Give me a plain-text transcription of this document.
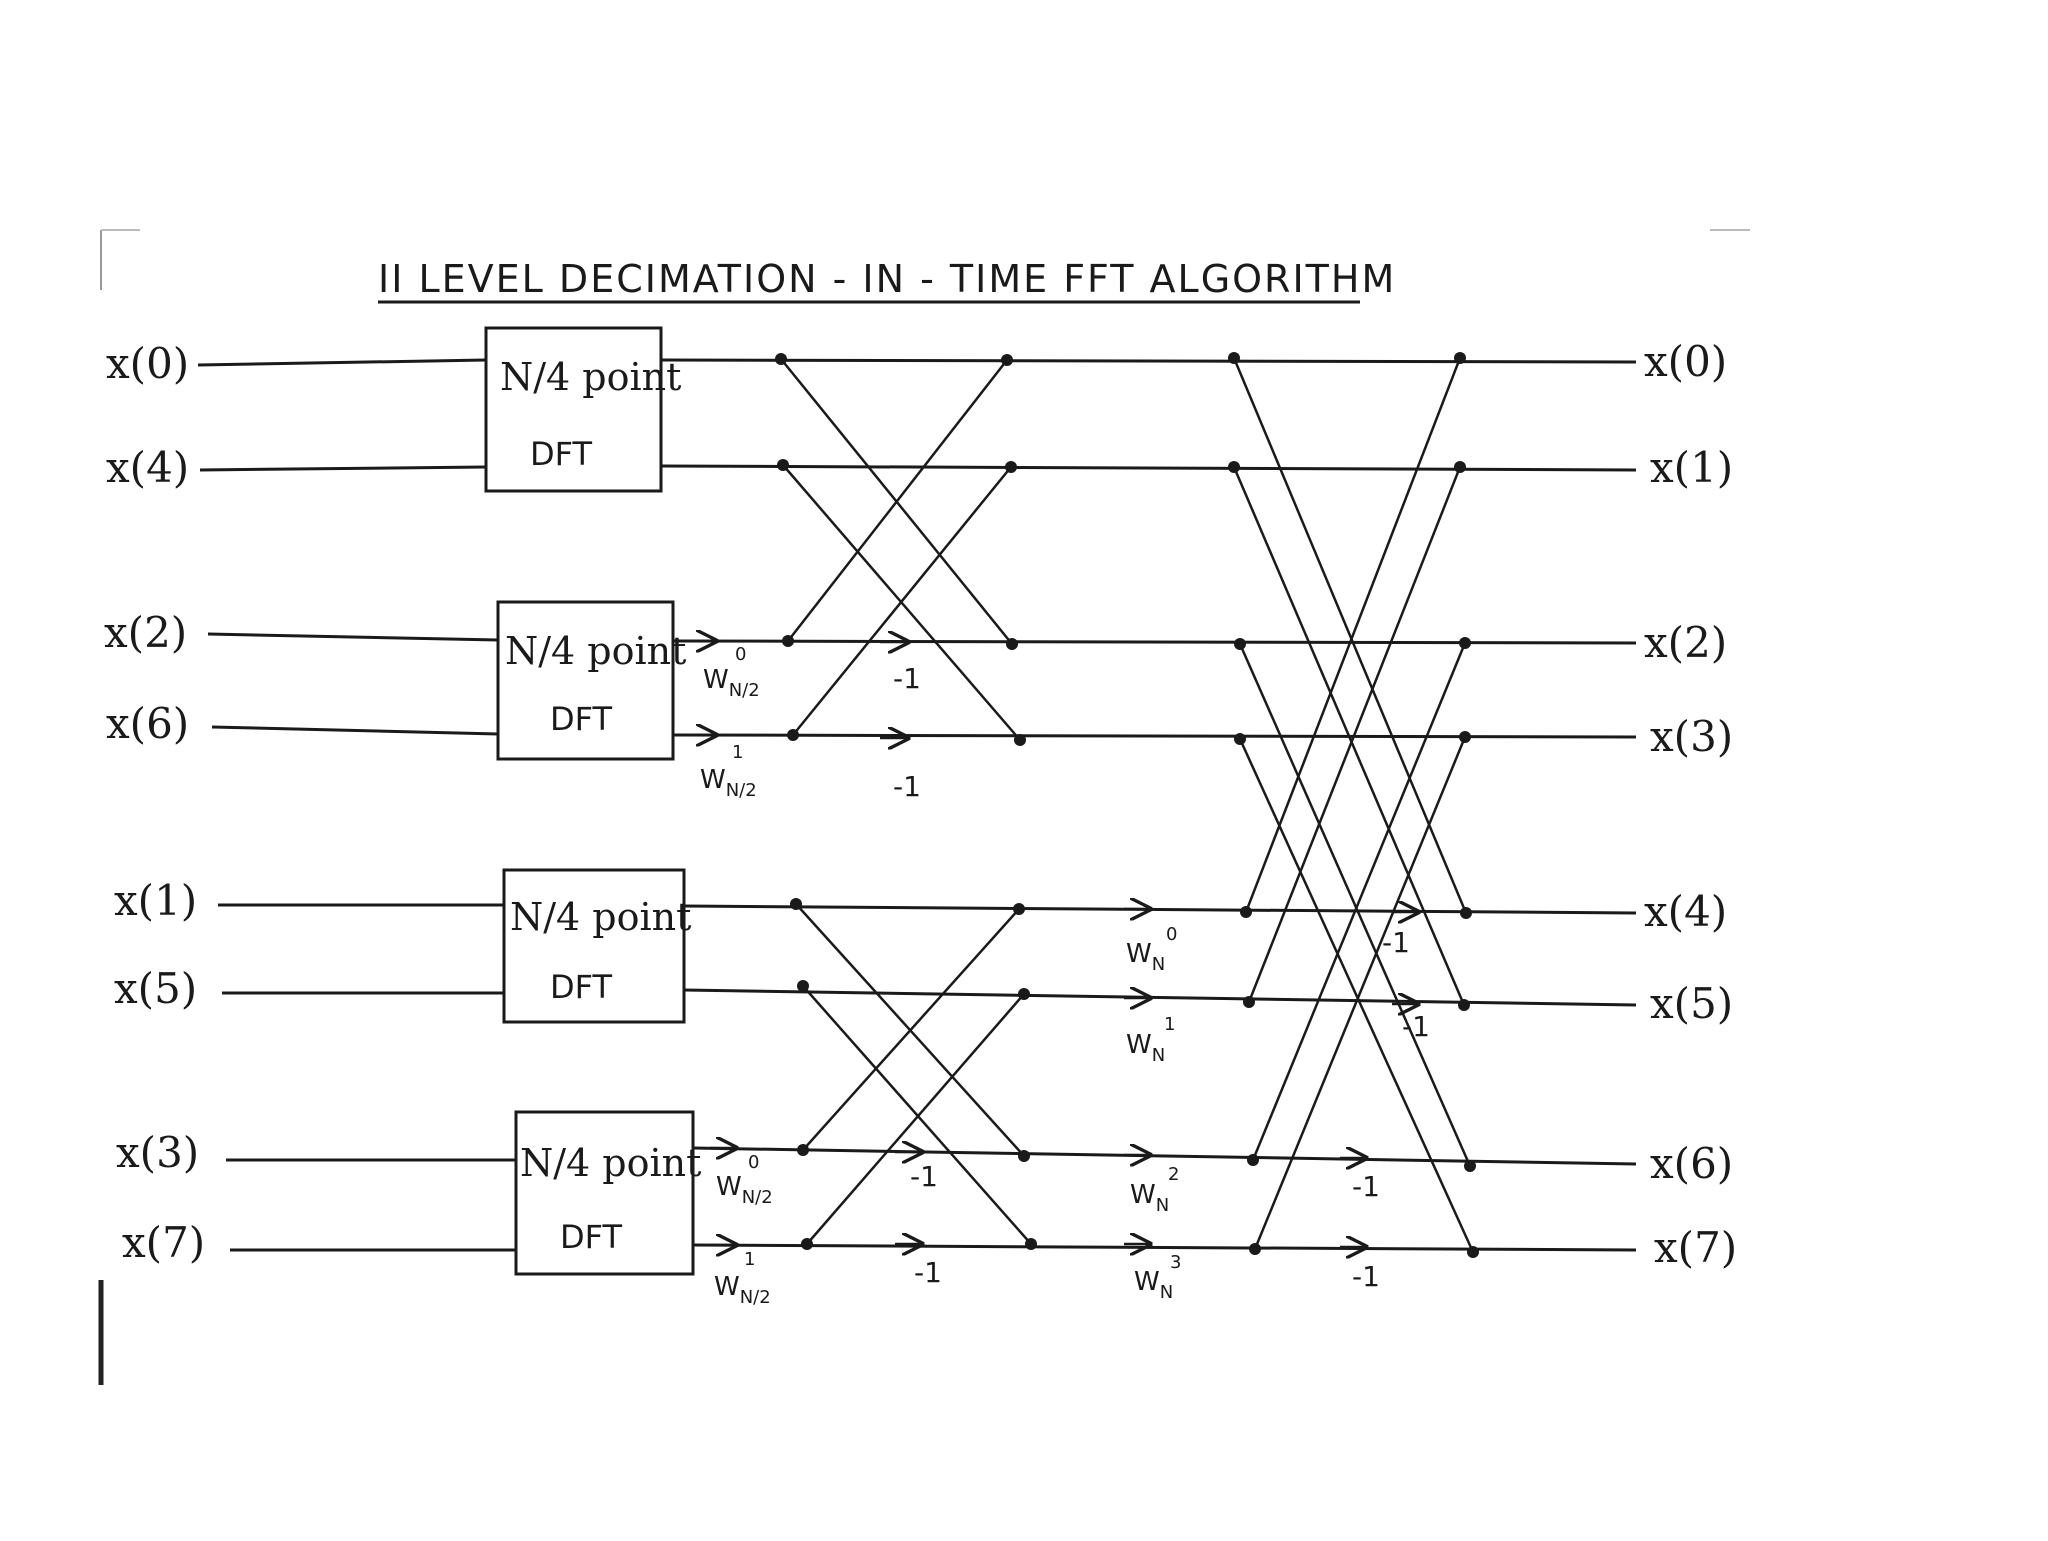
II LEVEL DECIMATION - IN - TIME FFT ALGORITHM
x(0)
x(4)
x(2)
x(6)
x(1)
x(5)
x(3)
x(7)
N/4 point
DFT
N/4 point
DFT
N/4 point
DFT
N/4 point
DFT
$W_{N/2}$
0
$W_{N/2}$
1
$W_{N/2}$
0
$W_{N/2}$
1
$W_N$
0
$W_N$
1
$W_N$
2
$W_N$
3
-1
-1
-1
-1
-1
-1
-1
-1
x(0)
x(1)
x(2)
x(3)
x(4)
x(5)
x(6)
x(7)
